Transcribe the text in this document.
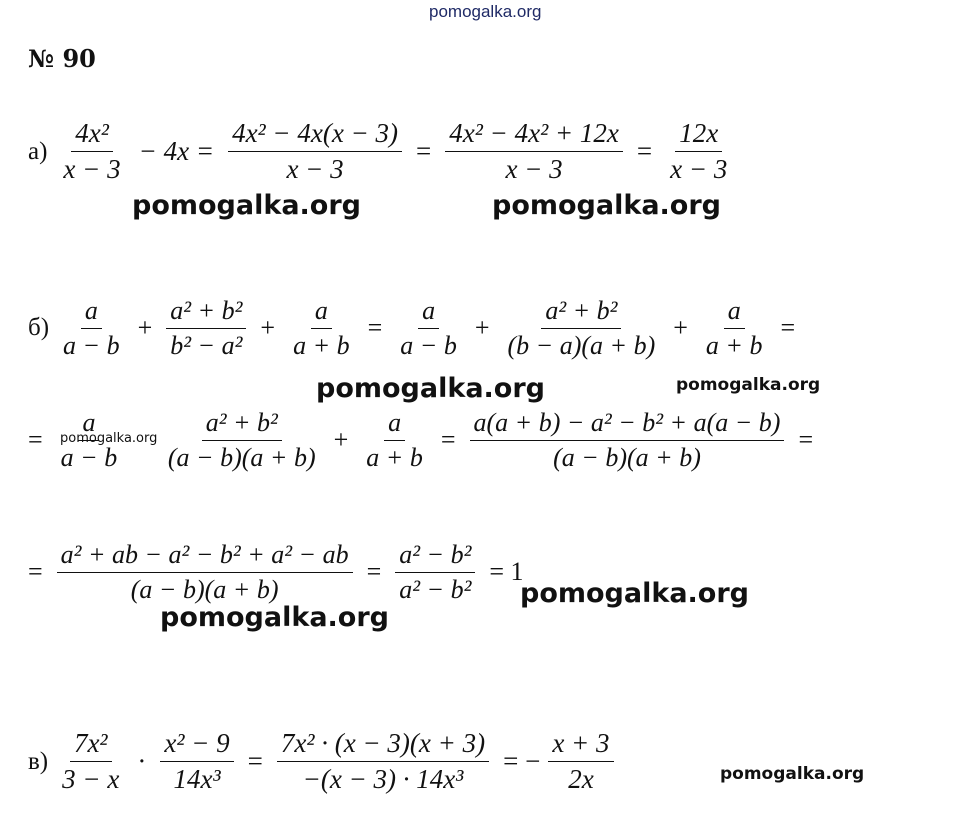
pomogalka.org
№ 90
$а) \frac{\text{4x²}}{x - 3} - 4x = \frac{\text{4x² − 4x(x − 3)}}{x - 3} = \frac{\text{4x² − 4x² + 12x}}{x - 3} = \frac{12x}{x - 3}$
pomogalka.org	pomogalka.org
$б) \frac{a}{a - b} + \frac{\text{a² + b²}}{\text{b² − a²}} + \frac{a}{a + b} = \frac{a}{a - b} + \frac{\text{a² + b²}}{(b - a)(a + b)} + \frac{a}{a + b}$ =
pomogalka.org	pomogalka.org
= $\frac{a}{a - b} \frac{\text{a² + b²}}{(a - b)(a + b)} + \frac{a}{a + b} = \frac{\text{a(a + b) − a² − b² + a(a − b)}}{(a - b)(a + b)}$ =
pomogalka.org
= $\frac{\text{a² + ab − a² − b² + a² − ab}}{(a - b)(a + b)} = \frac{\text{a² − b²}}{\text{a² − b²}} = 1$
pomogalka.org
pomogalka.org
$в) \frac{\text{7x²}}{3 - x} \cdot \frac{\text{x² − 9}}{\text{14x³}} = \frac{\text{7x² · (x − 3)(x + 3)}}{\text{−(x − 3) · 14x³}}$ = − $\frac{x + 3}{2x}$	pomogalka.org
